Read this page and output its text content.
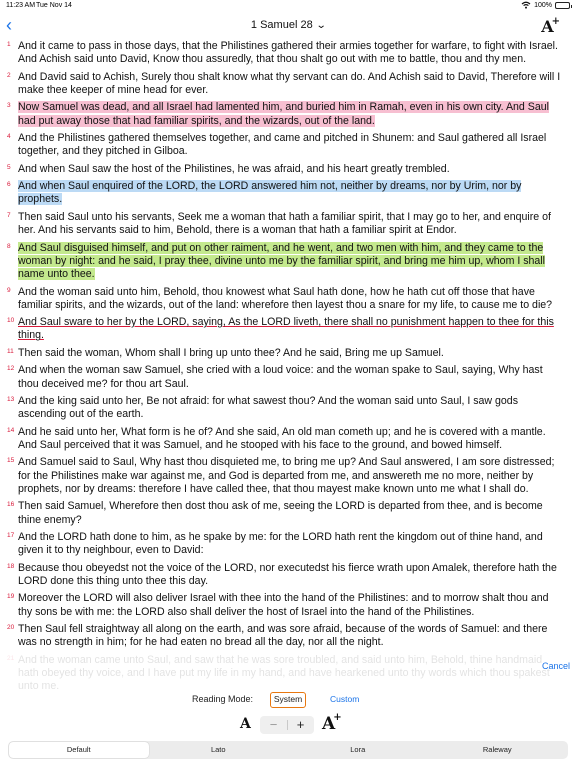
11:23 AM Tue Nov 14	100%
‹	1 Samuel 28 ⌄	A+
1 And it came to pass in those days, that the Philistines gathered their armies together for warfare, to fight with Israel. And Achish said unto David, Know thou assuredly, that thou shalt go out with me to battle, thou and thy men.
2 And David said to Achish, Surely thou shalt know what thy servant can do. And Achish said to David, Therefore will I make thee keeper of mine head for ever.
3 Now Samuel was dead, and all Israel had lamented him, and buried him in Ramah, even in his own city. And Saul had put away those that had familiar spirits, and the wizards, out of the land.
4 And the Philistines gathered themselves together, and came and pitched in Shunem: and Saul gathered all Israel together, and they pitched in Gilboa.
5 And when Saul saw the host of the Philistines, he was afraid, and his heart greatly trembled.
6 And when Saul enquired of the LORD, the LORD answered him not, neither by dreams, nor by Urim, nor by prophets.
7 Then said Saul unto his servants, Seek me a woman that hath a familiar spirit, that I may go to her, and enquire of her. And his servants said to him, Behold, there is a woman that hath a familiar spirit at Endor.
8 And Saul disguised himself, and put on other raiment, and he went, and two men with him, and they came to the woman by night: and he said, I pray thee, divine unto me by the familiar spirit, and bring me him up, whom I shall name unto thee.
9 And the woman said unto him, Behold, thou knowest what Saul hath done, how he hath cut off those that have familiar spirits, and the wizards, out of the land: wherefore then layest thou a snare for my life, to cause me to die?
10 And Saul sware to her by the LORD, saying, As the LORD liveth, there shall no punishment happen to thee for this thing.
11 Then said the woman, Whom shall I bring up unto thee? And he said, Bring me up Samuel.
12 And when the woman saw Samuel, she cried with a loud voice: and the woman spake to Saul, saying, Why hast thou deceived me? for thou art Saul.
13 And the king said unto her, Be not afraid: for what sawest thou? And the woman said unto Saul, I saw gods ascending out of the earth.
14 And he said unto her, What form is he of? And she said, An old man cometh up; and he is covered with a mantle. And Saul perceived that it was Samuel, and he stooped with his face to the ground, and bowed himself.
15 And Samuel said to Saul, Why hast thou disquieted me, to bring me up? And Saul answered, I am sore distressed; for the Philistines make war against me, and God is departed from me, and answereth me no more, neither by prophets, nor by dreams: therefore I have called thee, that thou mayest make known unto me what I shall do.
16 Then said Samuel, Wherefore then dost thou ask of me, seeing the LORD is departed from thee, and is become thine enemy?
17 And the LORD hath done to him, as he spake by me: for the LORD hath rent the kingdom out of thine hand, and given it to thy neighbour, even to David:
18 Because thou obeyedst not the voice of the LORD, nor executedst his fierce wrath upon Amalek, therefore hath the LORD done this thing unto thee this day.
19 Moreover the LORD will also deliver Israel with thee into the hand of the Philistines: and to morrow shalt thou and thy sons be with me: the LORD also shall deliver the host of Israel into the hand of the Philistines.
20 Then Saul fell straightway all along on the earth, and was sore afraid, because of the words of Samuel: and there was no strength in him; for he had eaten no bread all the day, nor all the night.
Cancel
Reading Mode:	System	Custom
A	−	+	A+
Default	Lato	Lora	Raleway
